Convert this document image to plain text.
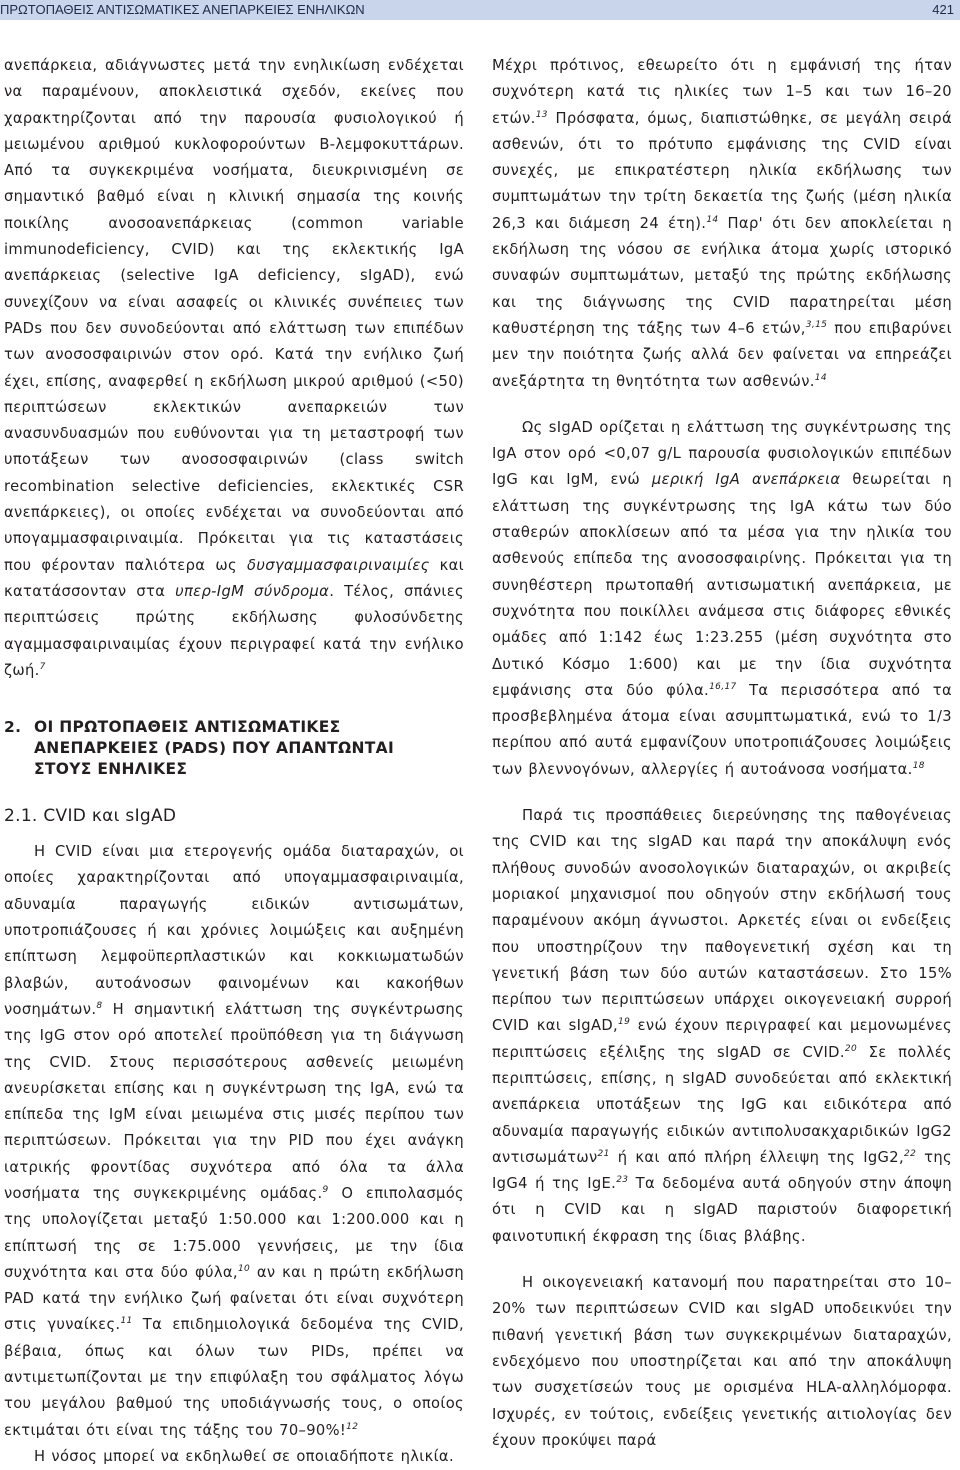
ΠΡΩΤΟΠΑΘΕΙΣ ΑΝΤΙΣΩΜΑΤΙΚΕΣ ΑΝΕΠΑΡΚΕΙΕΣ ΕΝΗΛΙΚΩΝ	421

ανεπάρκεια, αδιάγνωστες μετά την ενηλικίωση ενδέχεται να παραμένουν, αποκλειστικά σχεδόν, εκείνες που χαρακτηρίζονται από την παρουσία φυσιολογικού ή μειωμένου αριθμού κυκλοφορούντων Β-λεμφοκυττάρων. Από τα συγκεκριμένα νοσήματα, διευκρινισμένη σε σημαντικό βαθμό είναι η κλινική σημασία της κοινής ποικίλης ανοσοανεπάρκειας (common variable immunodeficiency, CVID) και της εκλεκτικής IgA ανεπάρκειας (selective IgA deficiency, sIgAD), ενώ συνεχίζουν να είναι ασαφείς οι κλινικές συνέπειες των PADs που δεν συνοδεύονται από ελάττωση των επιπέδων των ανοσοσφαιρινών στον ορό. Κατά την ενήλικο ζωή έχει, επίσης, αναφερθεί η εκδήλωση μικρού αριθμού (<50) περιπτώσεων εκλεκτικών ανεπαρκειών των ανασυνδυασμών που ευθύνονται για τη μεταστροφή των υποτάξεων των ανοσοσφαιρινών (class switch recombination selective deficiencies, εκλεκτικές CSR ανεπάρκειες), οι οποίες ενδέχεται να συνοδεύονται από υπογαμμασφαιριναιμία. Πρόκειται για τις καταστάσεις που φέρονταν παλιότερα ως δυσγαμμασφαιριναιμίες και κατατάσσονταν στα υπερ-IgM σύνδρομα. Τέλος, σπάνιες περιπτώσεις πρώτης εκδήλωσης φυλοσύνδετης αγαμμασφαιριναιμίας έχουν περιγραφεί κατά την ενήλικο ζωή.$^7$

2. ΟΙ ΠΡΩΤΟΠΑΘΕΙΣ ΑΝΤΙΣΩΜΑΤΙΚΕΣ
ΑΝΕΠΑΡΚΕΙΕΣ (PADS) ΠΟΥ ΑΠΑΝΤΩΝΤΑΙ
ΣΤΟΥΣ ΕΝΗΛΙΚΕΣ
2.1. CVID και sIgAD

Η CVID είναι μια ετερογενής ομάδα διαταραχών, οι οποίες χαρακτηρίζονται από υπογαμμασφαιριναιμία, αδυναμία παραγωγής ειδικών αντισωμάτων, υποτροπιάζουσες ή και χρόνιες λοιμώξεις και αυξημένη επίπτωση λεμφοϋπερπλαστικών και κοκκιωματωδών βλαβών, αυτοάνοσων φαινομένων και κακοήθων νοσημάτων.$^8$ Η σημαντική ελάττωση της συγκέντρωσης της IgG στον ορό αποτελεί προϋπόθεση για τη διάγνωση της CVID. Στους περισσότερους ασθενείς μειωμένη ανευρίσκεται επίσης και η συγκέντρωση της IgA, ενώ τα επίπεδα της IgM είναι μειωμένα στις μισές περίπου των περιπτώσεων. Πρόκειται για την PID που έχει ανάγκη ιατρικής φροντίδας συχνότερα από όλα τα άλλα νοσήματα της συγκεκριμένης ομάδας.$^9$ Ο επιπολασμός της υπολογίζεται μεταξύ 1:50.000 και 1:200.000 και η επίπτωσή της σε 1:75.000 γεννήσεις, με την ίδια συχνότητα και στα δύο φύλα,$^{10}$ αν και η πρώτη εκδήλωση PAD κατά την ενήλικο ζωή φαίνεται ότι είναι συχνότερη στις γυναίκες.$^{11}$ Τα επιδημιολογικά δεδομένα της CVID, βέβαια, όπως και όλων των PIDs, πρέπει να αντιμετωπίζονται με την επιφύλαξη του σφάλματος λόγω του μεγάλου βαθμού της υποδιάγνωσής τους, ο οποίος εκτιμάται ότι είναι της τάξης του 70–90%!$^{12}$

Η νόσος μπορεί να εκδηλωθεί σε οποιαδήποτε ηλικία.

Μέχρι πρότινος, εθεωρείτο ότι η εμφάνισή της ήταν συχνότερη κατά τις ηλικίες των 1–5 και των 16–20 ετών.$^{13}$ Πρόσφατα, όμως, διαπιστώθηκε, σε μεγάλη σειρά ασθενών, ότι το πρότυπο εμφάνισης της CVID είναι συνεχές, με επικρατέστερη ηλικία εκδήλωσης των συμπτωμάτων την τρίτη δεκαετία της ζωής (μέση ηλικία 26,3 και διάμεση 24 έτη).$^{14}$ Παρ' ότι δεν αποκλείεται η εκδήλωση της νόσου σε ενήλικα άτομα χωρίς ιστορικό συναφών συμπτωμάτων, μεταξύ της πρώτης εκδήλωσης και της διάγνωσης της CVID παρατηρείται μέση καθυστέρηση της τάξης των 4–6 ετών,$^{3,15}$ που επιβαρύνει μεν την ποιότητα ζωής αλλά δεν φαίνεται να επηρεάζει ανεξάρτητα τη θνητότητα των ασθενών.$^{14}$

Ως sIgAD ορίζεται η ελάττωση της συγκέντρωσης της IgA στον ορό <0,07 g/L παρουσία φυσιολογικών επιπέδων IgG και IgM, ενώ μερική IgA ανεπάρκεια θεωρείται η ελάττωση της συγκέντρωσης της IgA κάτω των δύο σταθερών αποκλίσεων από τα μέσα για την ηλικία του ασθενούς επίπεδα της ανοσοσφαιρίνης. Πρόκειται για τη συνηθέστερη πρωτοπαθή αντισωματική ανεπάρκεια, με συχνότητα που ποικίλλει ανάμεσα στις διάφορες εθνικές ομάδες από 1:142 έως 1:23.255 (μέση συχνότητα στο Δυτικό Κόσμο 1:600) και με την ίδια συχνότητα εμφάνισης στα δύο φύλα.$^{16,17}$ Τα περισσότερα από τα προσβεβλημένα άτομα είναι ασυμπτωματικά, ενώ το 1/3 περίπου από αυτά εμφανίζουν υποτροπιάζουσες λοιμώξεις των βλεννογόνων, αλλεργίες ή αυτοάνοσα νοσήματα.$^{18}$

Παρά τις προσπάθειες διερεύνησης της παθογένειας της CVID και της sIgAD και παρά την αποκάλυψη ενός πλήθους συνοδών ανοσολογικών διαταραχών, οι ακριβείς μοριακοί μηχανισμοί που οδηγούν στην εκδήλωσή τους παραμένουν ακόμη άγνωστοι. Αρκετές είναι οι ενδείξεις που υποστηρίζουν την παθογενετική σχέση και τη γενετική βάση των δύο αυτών καταστάσεων. Στο 15% περίπου των περιπτώσεων υπάρχει οικογενειακή συρροή CVID και sIgAD,$^{19}$ ενώ έχουν περιγραφεί και μεμονωμένες περιπτώσεις εξέλιξης της sIgAD σε CVID.$^{20}$ Σε πολλές περιπτώσεις, επίσης, η sIgAD συνοδεύεται από εκλεκτική ανεπάρκεια υποτάξεων της IgG και ειδικότερα από αδυναμία παραγωγής ειδικών αντιπολυσακχαριδικών IgG2 αντισωμάτων$^{21}$ ή και από πλήρη έλλειψη της IgG2,22 της IgG4 ή της IgE.$^{23}$ Τα δεδομένα αυτά οδηγούν στην άποψη ότι η CVID και η sIgAD παριστούν διαφορετική φαινοτυπική έκφραση της ίδιας βλάβης.

Η οικογενειακή κατανομή που παρατηρείται στο 10–20% των περιπτώσεων CVID και sIgAD υποδεικνύει την πιθανή γενετική βάση των συγκεκριμένων διαταραχών, ενδεχόμενο που υποστηρίζεται και από την αποκάλυψη των συσχετίσεών τους με ορισμένα HLA-αλληλόμορφα. Ισχυρές, εν τούτοις, ενδείξεις γενετικής αιτιολογίας δεν έχουν προκύψει παρά
